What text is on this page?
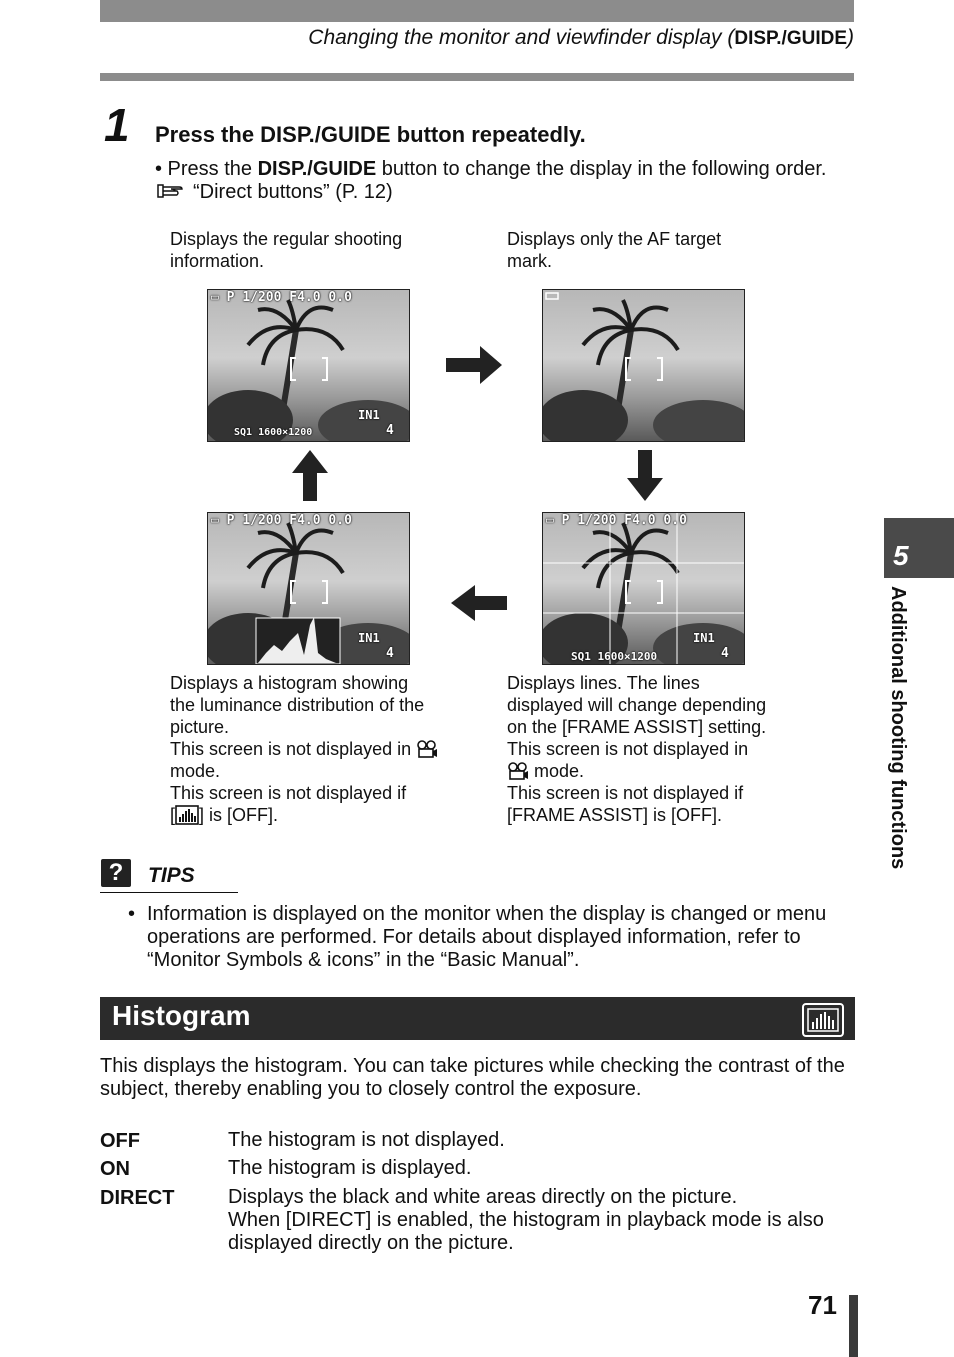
Changing the monitor and viewfinder display (DISP./GUIDE)
1 Press the DISP./GUIDE button repeatedly.
• Press the DISP./GUIDE button to change the display in the following order.
“Direct buttons” (P. 12)
Displays the regular shooting
information.
Displays only the AF target
mark.
▭ P 1/200 F4.0 0.0
IN1
4
SQ1 1600×1200
▭ P 1/200 F4.0 0.0
IN1
4
▭ P 1/200 F4.0 0.0
IN1
4
SQ1 1600×1200
Displays a histogram showing
the luminance distribution of the
picture.
This screen is not displayed in
mode.
This screen is not displayed if
[ ] is [OFF].
Displays lines. The lines
displayed will change depending
on the [FRAME ASSIST] setting.
This screen is not displayed in
mode.
This screen is not displayed if
[FRAME ASSIST] is [OFF].
?	TIPS
• Information is displayed on the monitor when the display is changed or menu
operations are performed. For details about displayed information, refer to
“Monitor Symbols & icons” in the “Basic Manual”.
Histogram
This displays the histogram. You can take pictures while checking the contrast of the
subject, thereby enabling you to closely control the exposure.
OFF	The histogram is not displayed.
ON	The histogram is displayed.
DIRECT	Displays the black and white areas directly on the picture.
When [DIRECT] is enabled, the histogram in playback mode is also
displayed directly on the picture.
5
Additional shooting functions
71
